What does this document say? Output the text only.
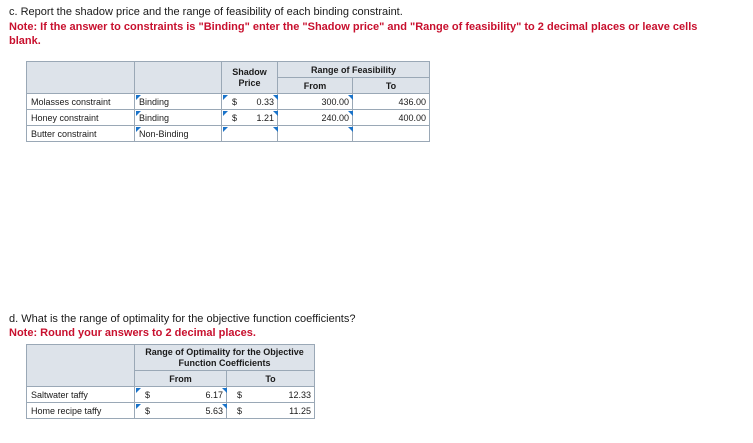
c. Report the shadow price and the range of feasibility of each binding constraint.
Note: If the answer to constraints is "Binding" enter the "Shadow price" and "Range of feasibility" to 2 decimal places or leave cells blank.
		Shadow Price	Range of Feasibility	
			From	To
Molasses constraint	Binding	$ 0.33	300.00	436.00
Honey constraint	Binding	$ 1.21	240.00	400.00
Butter constraint	Non-Binding	

d. What is the range of optimality for the objective function coefficients?
Note: Round your answers to 2 decimal places.
	Range of Optimality for the Objective Function Coefficients	
	From	To
Saltwater taffy	$ 6.17	$ 12.33

Home recipe taffy	$ 5.63	$ 11.25
